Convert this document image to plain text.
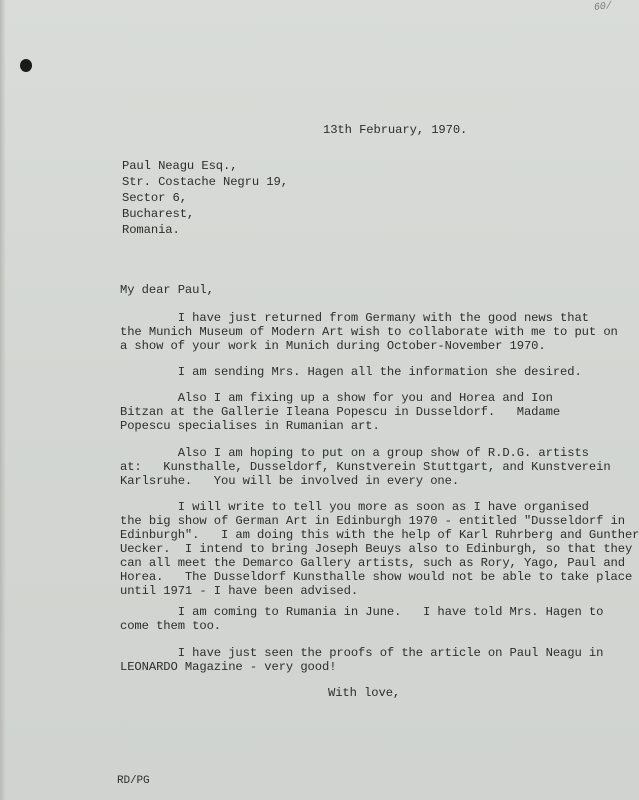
60/
13th February, 1970.
Paul Neagu Esq.,
Str. Costache Negru 19,
Sector 6,
Bucharest,
Romania.
My dear Paul,
I have just returned from Germany with the good news that
the Munich Museum of Modern Art wish to collaborate with me to put on
a show of your work in Munich during October-November 1970.
I am sending Mrs. Hagen all the information she desired.
Also I am fixing up a show for you and Horea and Ion
Bitzan at the Gallerie Ileana Popescu in Dusseldorf.   Madame
Popescu specialises in Rumanian art.
Also I am hoping to put on a group show of R.D.G. artists
at:   Kunsthalle, Dusseldorf, Kunstverein Stuttgart, and Kunstverein
Karlsruhe.   You will be involved in every one.
I will write to tell you more as soon as I have organised
the big show of German Art in Edinburgh 1970 - entitled "Dusseldorf in
Edinburgh".   I am doing this with the help of Karl Ruhrberg and Gunther
Uecker.  I intend to bring Joseph Beuys also to Edinburgh, so that they
can all meet the Demarco Gallery artists, such as Rory, Yago, Paul and
Horea.   The Dusseldorf Kunsthalle show would not be able to take place
until 1971 - I have been advised.
I am coming to Rumania in June.   I have told Mrs. Hagen to
come them too.
I have just seen the proofs of the article on Paul Neagu in
LEONARDO Magazine - very good!
With love,
RD/PG
